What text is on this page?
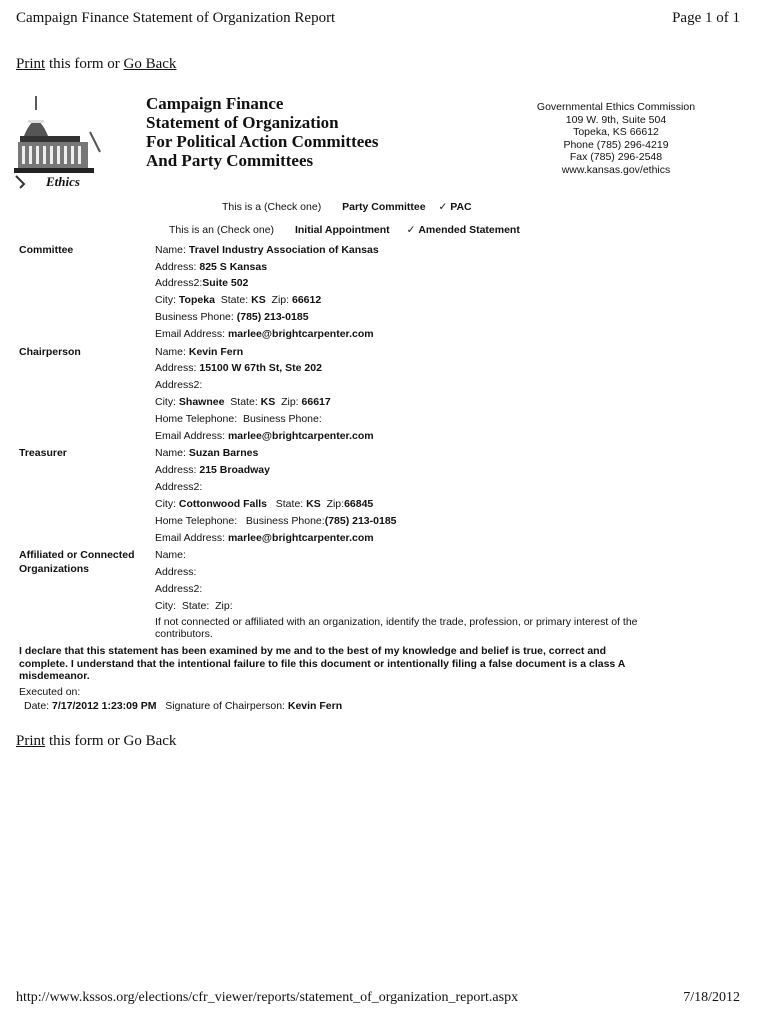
Campaign Finance Statement of Organization Report	Page 1 of 1
Print this form or Go Back
Ethics
Campaign Finance
Statement of Organization
For Political Action Committees
And Party Committees
Governmental Ethics Commission
109 W. 9th, Suite 504
Topeka, KS 66612
Phone (785) 296-4219
Fax (785) 296-2548
www.kansas.gov/ethics
This is a (Check one) Party Committee ✓ PAC
This is an (Check one) Initial Appointment ✓ Amended Statement
Committee	Name: Travel Industry Association of Kansas
Address: 825 S Kansas
Address2:Suite 502
City: Topeka State: KS Zip: 66612
Business Phone: (785) 213-0185
Email Address: marlee@brightcarpenter.com
Chairperson	Name: Kevin Fern
Address: 15100 W 67th St, Ste 202
Address2:
City: Shawnee State: KS Zip: 66617
Home Telephone: Business Phone:
Email Address: marlee@brightcarpenter.com
Treasurer	Name: Suzan Barnes
Address: 215 Broadway
Address2:
City: Cottonwood Falls State: KS Zip:66845
Home Telephone: Business Phone:(785) 213-0185
Email Address: marlee@brightcarpenter.com
Affiliated or Connected
Organizations
Name:
Address:
Address2:
City: State: Zip:
If not connected or affiliated with an organization, identify the trade, profession, or primary interest of the
contributors.
I declare that this statement has been examined by me and to the best of my knowledge and belief is true, correct and
complete. I understand that the intentional failure to file this document or intentionally filing a false document is a class A
misdemeanor.
Executed on:
Date: 7/17/2012 1:23:09 PM Signature of Chairperson: Kevin Fern
Print this form or Go Back
http://www.kssos.org/elections/cfr_viewer/reports/statement_of_organization_report.aspx	7/18/2012
